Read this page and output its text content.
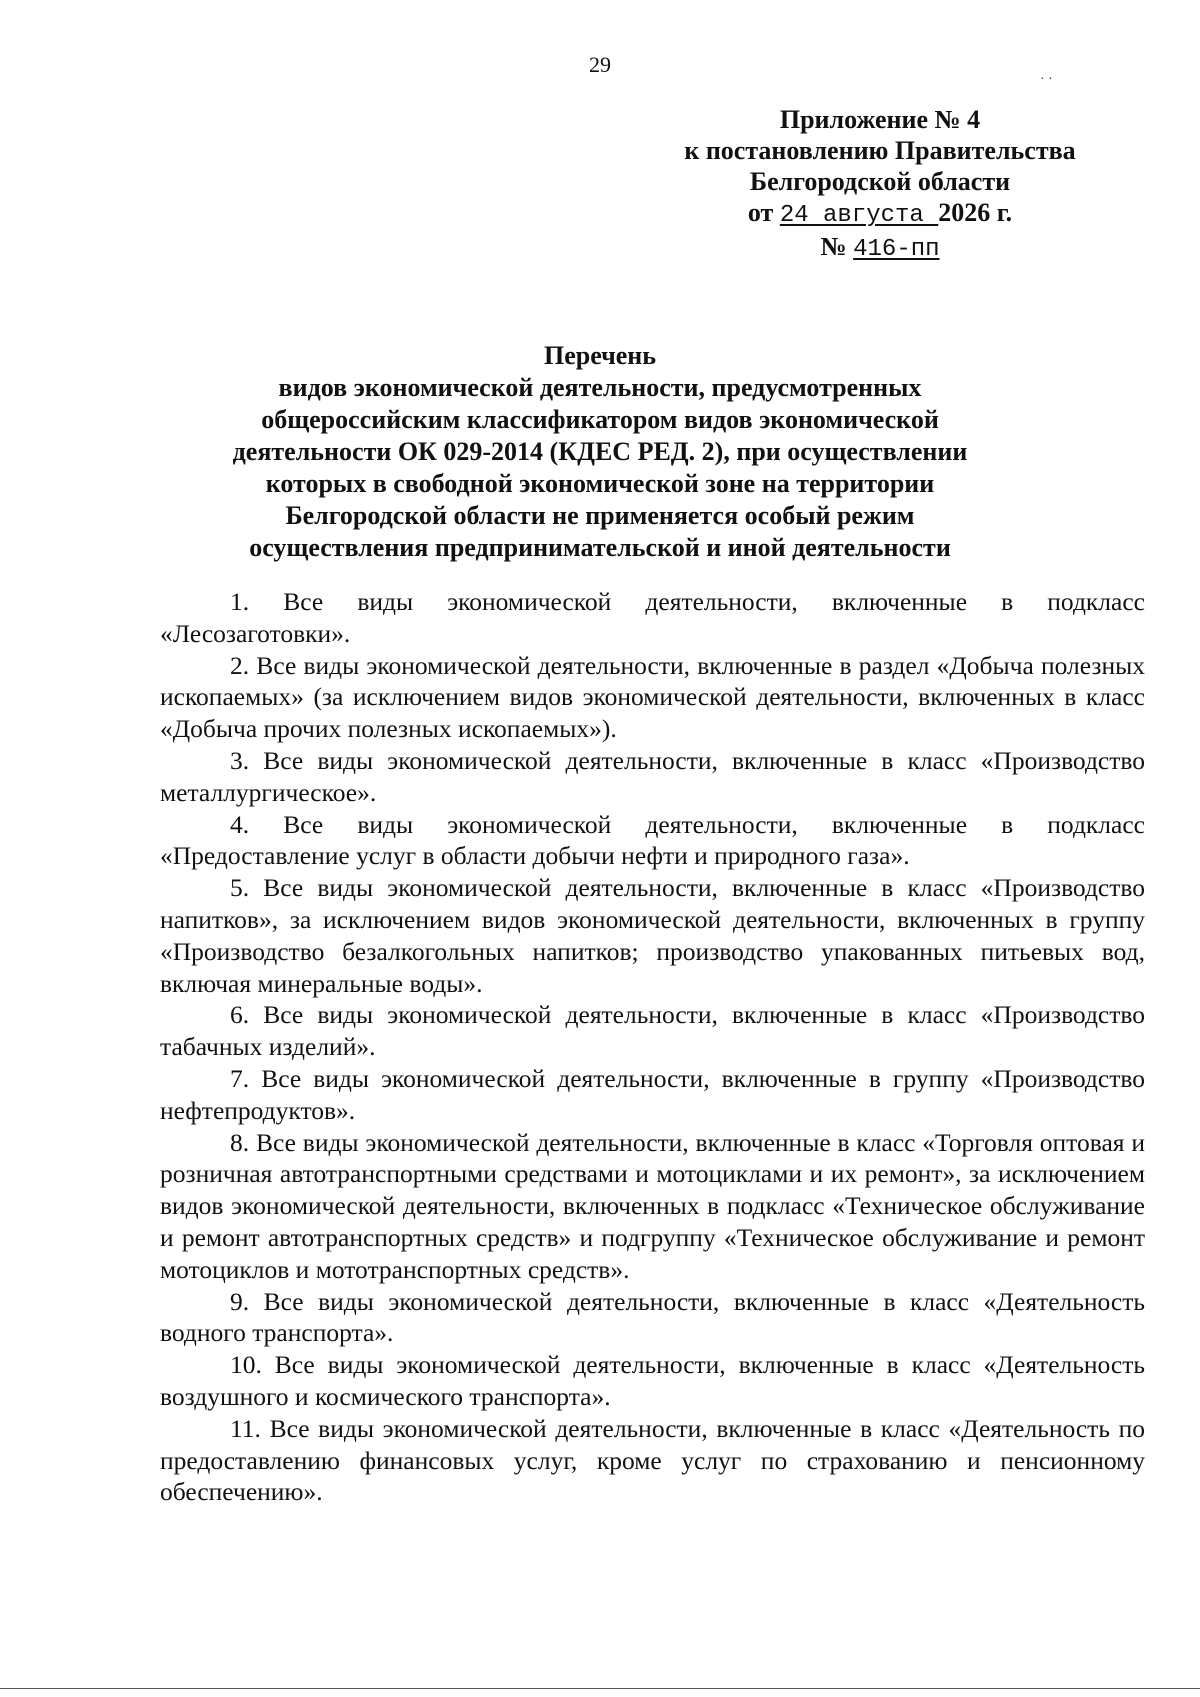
29
· ·
Приложение № 4
к постановлению Правительства
Белгородской области
от 24 августа 2026 г.
№ 416-пп
Перечень
видов экономической деятельности, предусмотренных
общероссийским классификатором видов экономической
деятельности ОК 029-2014 (КДЕС РЕД. 2), при осуществлении
которых в свободной экономической зоне на территории
Белгородской области не применяется особый режим
осуществления предпринимательской и иной деятельности

1. Все виды экономической деятельности, включенные в подкласс «Лесозаготовки».

2. Все виды экономической деятельности, включенные в раздел «Добыча полезных ископаемых» (за исключением видов экономической деятельности, включенных в класс «Добыча прочих полезных ископаемых»).

3. Все виды экономической деятельности, включенные в класс «Производство металлургическое».

4. Все виды экономической деятельности, включенные в подкласс «Предоставление услуг в области добычи нефти и природного газа».

5. Все виды экономической деятельности, включенные в класс «Производство напитков», за исключением видов экономической деятельности, включенных в группу «Производство безалкогольных напитков; производство упакованных питьевых вод, включая минеральные воды».

6. Все виды экономической деятельности, включенные в класс «Производство табачных изделий».

7. Все виды экономической деятельности, включенные в группу «Производство нефтепродуктов».

8. Все виды экономической деятельности, включенные в класс «Торговля оптовая и розничная автотранспортными средствами и мотоциклами и их ремонт», за исключением видов экономической деятельности, включенных в подкласс «Техническое обслуживание и ремонт автотранспортных средств» и подгруппу «Техническое обслуживание и ремонт мотоциклов и мототранспортных средств».

9. Все виды экономической деятельности, включенные в класс «Деятельность водного транспорта».

10. Все виды экономической деятельности, включенные в класс «Деятельность воздушного и космического транспорта».

11. Все виды экономической деятельности, включенные в класс «Деятельность по предоставлению финансовых услуг, кроме услуг по страхованию и пенсионному обеспечению».
